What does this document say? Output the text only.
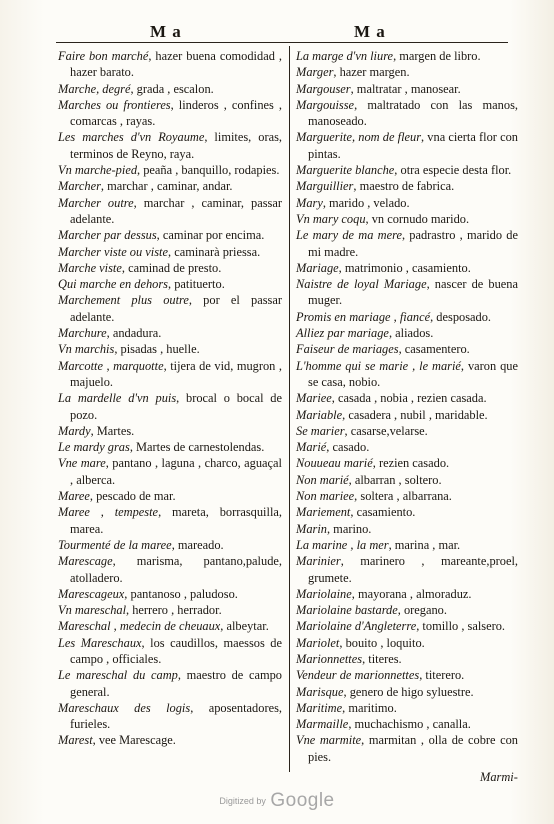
M a	M a

Faire bon marché, hazer buena comodidad , hazer barato.

Marche, degré, grada , escalon.

Marches ou frontieres, linderos , confines , comarcas , rayas.

Les marches d'vn Royaume, limites, oras, terminos de Reyno, raya.

Vn marche-pied, peaña , banquillo, rodapies.

Marcher, marchar , caminar, andar.

Marcher outre, marchar , caminar, passar adelante.

Marcher par dessus, caminar por encima.

Marcher viste ou viste, caminarà priessa.

Marche viste, caminad de presto.

Qui marche en dehors, patituerto.

Marchement plus outre, por el passar adelante.

Marchure, andadura.

Vn marchis, pisadas , huelle.

Marcotte , marquotte, tijera de vid, mugron , majuelo.

La mardelle d'vn puis, brocal o bocal de pozo.

Mardy, Martes.

Le mardy gras, Martes de carnestolendas.

Vne mare, pantano , laguna , charco, aguaçal , alberca.

Maree, pescado de mar.

Maree , tempeste, mareta, borrasquilla, marea.

Tourmenté de la maree, mareado.

Marescage, marisma, pantano,palude, atolladero.

Marescageux, pantanoso , paludoso.

Vn mareschal, herrero , herrador.

Mareschal , medecin de cheuaux, albeytar.

Les Mareschaux, los caudillos, maessos de campo , officiales.

Le mareschal du camp, maestro de campo general.

Mareschaux des logis, aposentadores, furieles.

Marest, vee Marescage.

La marge d'vn liure, margen de libro.

Marger, hazer margen.

Margouser, maltratar , manosear.

Margouisse, maltratado con las manos, manoseado.

Marguerite, nom de fleur, vna cierta flor con pintas.

Marguerite blanche, otra especie desta flor.

Marguillier, maestro de fabrica.

Mary, marido , velado.

Vn mary coqu, vn cornudo marido.

Le mary de ma mere, padrastro , marido de mi madre.

Mariage, matrimonio , casamiento.

Naistre de loyal Mariage, nascer de buena muger.

Promis en mariage , fiancé, desposado.

Alliez par mariage, aliados.

Faiseur de mariages, casamentero.

L'homme qui se marie , le marié, varon que se casa, nobio.

Mariee, casada , nobia , rezien casada.

Mariable, casadera , nubil , maridable.

Se marier, casarse,velarse.

Marié, casado.

Nouueau marié, rezien casado.

Non marié, albarran , soltero.

Non mariee, soltera , albarrana.

Mariement, casamiento.

Marin, marino.

La marine , la mer, marina , mar.

Marinier, marinero , mareante,proel, grumete.

Mariolaine, mayorana , almoraduz.

Mariolaine bastarde, oregano.

Mariolaine d'Angleterre, tomillo , salsero.

Mariolet, bouito , loquito.

Marionnettes, titeres.

Vendeur de marionnettes, titerero.

Marisque, genero de higo syluestre.

Maritime, maritimo.

Marmaille, muchachismo , canalla.

Vne marmite, marmitan , olla de cobre con pies.

Marmi-
Digitized by Google
